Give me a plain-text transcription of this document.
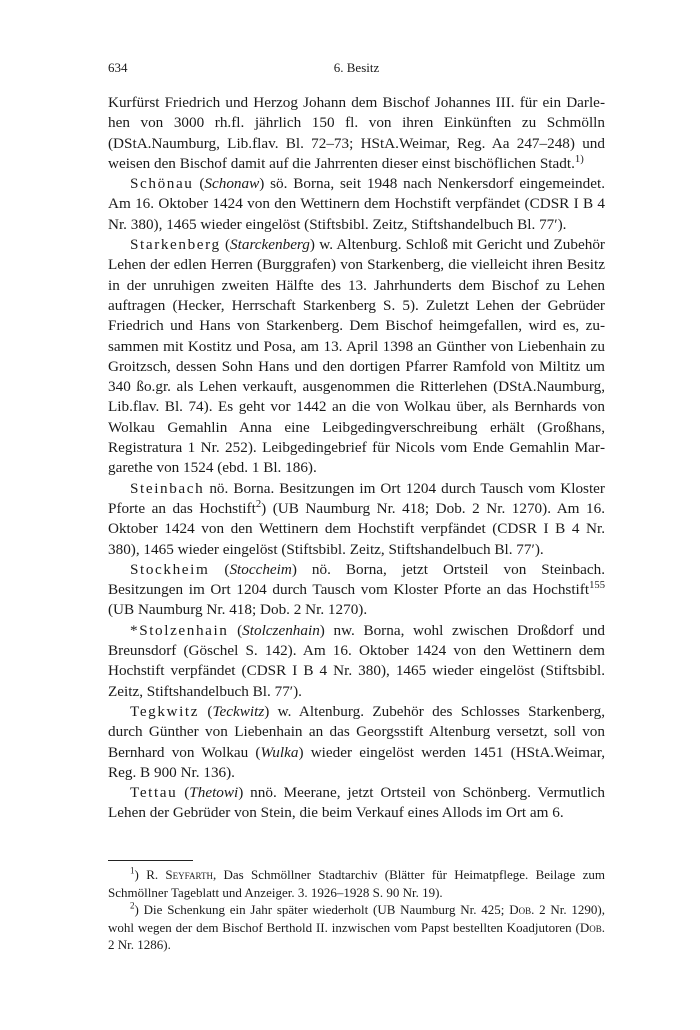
634	6. Besitz

Kurfürst Friedrich und Herzog Johann dem Bischof Johannes III. für ein Darlehen von 3000 rh.fl. jährlich 150 fl. von ihren Einkünften zu Schmölln (DStA.Naumburg, Lib.flav. Bl. 72–73; HStA.Weimar, Reg. Aa 247–248) und weisen den Bischof damit auf die Jahrrenten dieser einst bischöflichen Stadt.$^{1)}$

Schönau (Schonaw) sö. Borna, seit 1948 nach Nenkersdorf eingemeindet. Am 16. Oktober 1424 von den Wettinern dem Hochstift verpfändet (CDSR I B 4 Nr. 380), 1465 wieder eingelöst (Stiftsbibl. Zeitz, Stiftshandelbuch Bl. 77′).

Starkenberg (Starckenberg) w. Altenburg. Schloß mit Gericht und Zubehör Lehen der edlen Herren (Burggrafen) von Starkenberg, die vielleicht ihren Besitz in der unruhigen zweiten Hälfte des 13. Jahrhunderts dem Bischof zu Lehen auftragen (Hecker, Herrschaft Starkenberg S. 5). Zuletzt Lehen der Gebrüder Friedrich und Hans von Starkenberg. Dem Bischof heimgefallen, wird es, zusammen mit Kostitz und Posa, am 13. April 1398 an Günther von Liebenhain zu Groitzsch, dessen Sohn Hans und den dortigen Pfarrer Ramfold von Miltitz um 340 ßo.gr. als Lehen verkauft, ausgenommen die Ritterlehen (DStA.Naumburg, Lib.flav. Bl. 74). Es geht vor 1442 an die von Wolkau über, als Bernhards von Wolkau Gemahlin Anna eine Leibgedingverschreibung erhält (Großhans, Registratura 1 Nr. 252). Leibgedingebrief für Nicols vom Ende Gemahlin Margarethe von 1524 (ebd. 1 Bl. 186).

Steinbach nö. Borna. Besitzungen im Ort 1204 durch Tausch vom Kloster Pforte an das Hochstift$^2$) (UB Naumburg Nr. 418; Dob. 2 Nr. 1270). Am 16. Oktober 1424 von den Wettinern dem Hochstift verpfändet (CDSR I B 4 Nr. 380), 1465 wieder eingelöst (Stiftsbibl. Zeitz, Stiftshandelbuch Bl. 77′).

Stockheim (Stoccheim) nö. Borna, jetzt Ortsteil von Steinbach. Besitzungen im Ort 1204 durch Tausch vom Kloster Pforte an das Hochstift$^{155}$ (UB Naumburg Nr. 418; Dob. 2 Nr. 1270).

*Stolzenhain (Stolczenhain) nw. Borna, wohl zwischen Droßdorf und Breunsdorf (Göschel S. 142). Am 16. Oktober 1424 von den Wettinern dem Hochstift verpfändet (CDSR I B 4 Nr. 380), 1465 wieder eingelöst (Stiftsbibl. Zeitz, Stiftshandelbuch Bl. 77′).

Tegkwitz (Teckwitz) w. Altenburg. Zubehör des Schlosses Starkenberg, durch Günther von Liebenhain an das Georgsstift Altenburg versetzt, soll von Bernhard von Wolkau (Wulka) wieder eingelöst werden 1451 (HStA.Weimar, Reg. B 900 Nr. 136).

Tettau (Thetowi) nnö. Meerane, jetzt Ortsteil von Schönberg. Vermutlich Lehen der Gebrüder von Stein, die beim Verkauf eines Allods im Ort am 6.

$^1$) R. Seyfarth, Das Schmöllner Stadtarchiv (Blätter für Heimatpflege. Beilage zum Schmöllner Tageblatt und Anzeiger. 3. 1926–1928 S. 90 Nr. 19).

$^2$) Die Schenkung ein Jahr später wiederholt (UB Naumburg Nr. 425; Dob. 2 Nr. 1290), wohl wegen der dem Bischof Berthold II. inzwischen vom Papst bestellten Koadjutoren (Dob. 2 Nr. 1286).
